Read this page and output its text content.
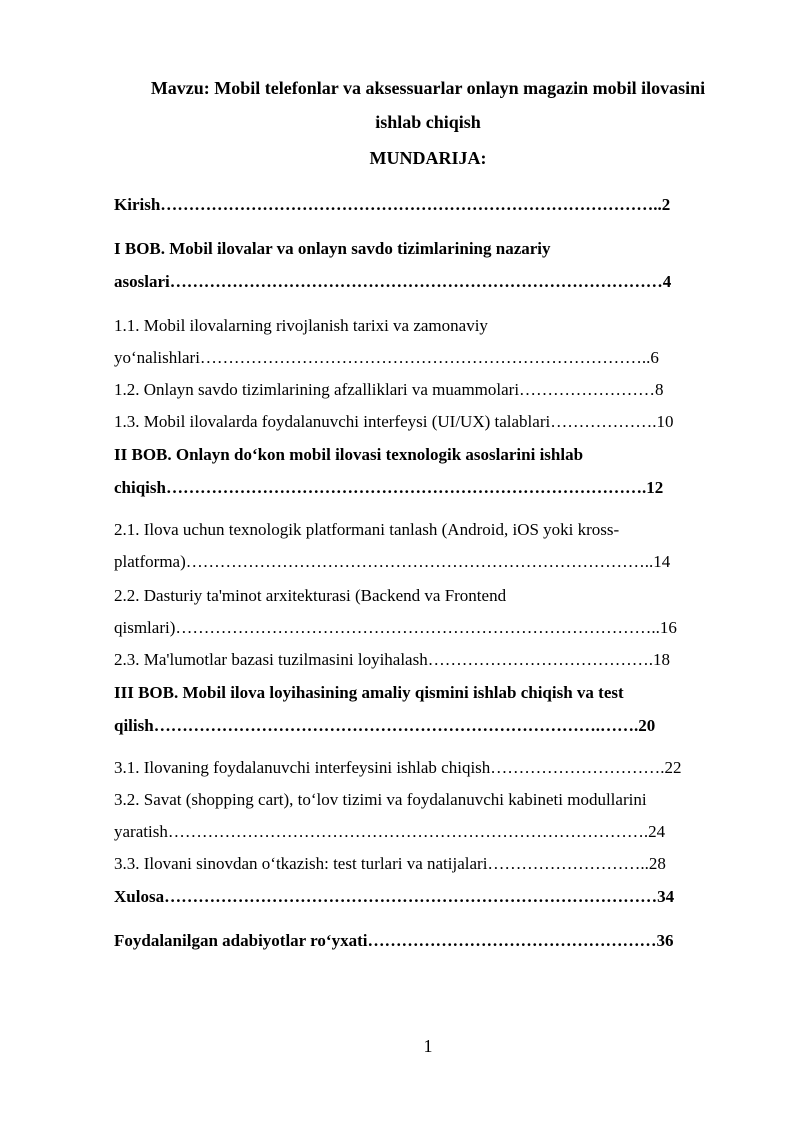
Mavzu: Mobil telefonlar va aksessuarlar onlayn magazin mobil ilovasini
ishlab chiqish
MUNDARIJA:
Kirish……………………………………………………………………………..2
I BOB. Mobil ilovalar va onlayn savdo tizimlarining nazariy
asoslari……………………………………………………………………………4
1.1. Mobil ilovalarning rivojlanish tarixi va zamonaviy
yo‘nalishlari……………………………………………………………………..6
1.2. Onlayn savdo tizimlarining afzalliklari va muammolari……………………8
1.3. Mobil ilovalarda foydalanuvchi interfeysi (UI/UX) talablari……………….10
II BOB. Onlayn do‘kon mobil ilovasi texnologik asoslarini ishlab
chiqish………………………………………………………………………….12
2.1. Ilova uchun texnologik platformani tanlash (Android, iOS yoki kross-
platforma)………………………………………………………………………..14
2.2. Dasturiy ta'minot arxitekturasi (Backend va Frontend
qismlari)…………………………………………………………………………..16
2.3. Ma'lumotlar bazasi tuzilmasini loyihalash………………………………….18
III BOB. Mobil ilova loyihasining amaliy qismini ishlab chiqish va test
qilish…………………………………………………………………….…….20
3.1. Ilovaning foydalanuvchi interfeysini ishlab chiqish………………………….22
3.2. Savat (shopping cart), to‘lov tizimi va foydalanuvchi kabineti modullarini
yaratish………………………………………………………………………….24
3.3. Ilovani sinovdan o‘tkazish: test turlari va natijalari………………………..28
Xulosa……………………………………………………………………………34
Foydalanilgan adabiyotlar ro‘yxati……………………………………………36
1
